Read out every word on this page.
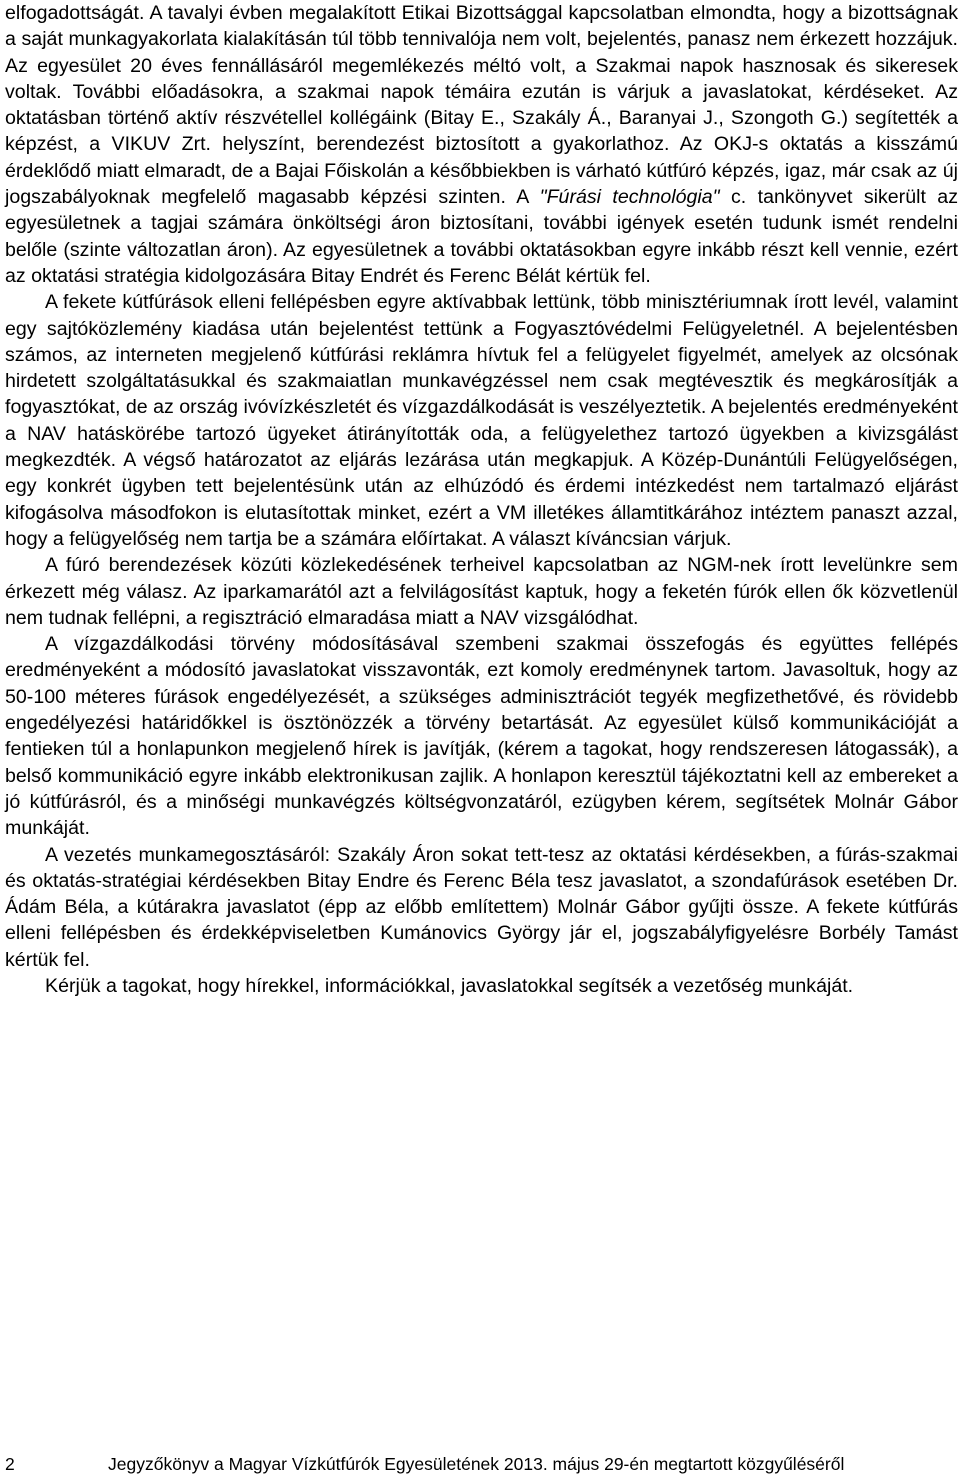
elfogadottságát. A tavalyi évben megalakított Etikai Bizottsággal kapcsolatban elmondta, hogy a bizottságnak a saját munkagyakorlata kialakításán túl több tennivalója nem volt, bejelentés, panasz nem érkezett hozzájuk. Az egyesület 20 éves fennállásáról megemlékezés méltó volt, a Szakmai napok hasznosak és sikeresek voltak. További előadásokra, a szakmai napok témáira ezután is várjuk a javaslatokat, kérdéseket. Az oktatásban történő aktív részvétellel kollégáink (Bitay E., Szakály Á., Baranyai J., Szongoth G.) segítették a képzést, a VIKUV Zrt. helyszínt, berendezést biztosított a gyakorlathoz. Az OKJ-s oktatás a kisszámú érdeklődő miatt elmaradt, de a Bajai Főiskolán a későbbiekben is várható kútfúró képzés, igaz, már csak az új jogszabályoknak megfelelő magasabb képzési szinten. A "Fúrási technológia" c. tankönyvet sikerült az egyesületnek a tagjai számára önköltségi áron biztosítani, további igények esetén tudunk ismét rendelni belőle (szinte változatlan áron). Az egyesületnek a további oktatásokban egyre inkább részt kell vennie, ezért az oktatási stratégia kidolgozására Bitay Endrét és Ferenc Bélát kértük fel.

A fekete kútfúrások elleni fellépésben egyre aktívabbak lettünk, több minisztériumnak írott levél, valamint egy sajtóközlemény kiadása után bejelentést tettünk a Fogyasztóvédelmi Felügyeletnél. A bejelentésben számos, az interneten megjelenő kútfúrási reklámra hívtuk fel a felügyelet figyelmét, amelyek az olcsónak hirdetett szolgáltatásukkal és szakmaiatlan munkavégzéssel nem csak megtévesztik és megkárosítják a fogyasztókat, de az ország ivóvízkészletét és vízgazdálkodását is veszélyeztetik. A bejelentés eredményeként a NAV hatáskörébe tartozó ügyeket átirányították oda, a felügyelethez tartozó ügyekben a kivizsgálást megkezdték. A végső határozatot az eljárás lezárása után megkapjuk. A Közép-Dunántúli Felügyelőségen, egy konkrét ügyben tett bejelentésünk után az elhúzódó és érdemi intézkedést nem tartalmazó eljárást kifogásolva másodfokon is elutasítottak minket, ezért a VM illetékes államtitkárához intéztem panaszt azzal, hogy a felügyelőség nem tartja be a számára előírtakat. A választ kíváncsian várjuk.

A fúró berendezések közúti közlekedésének terheivel kapcsolatban az NGM-nek írott levelünkre sem érkezett még válasz. Az iparkamarától azt a felvilágosítást kaptuk, hogy a feketén fúrók ellen ők közvetlenül nem tudnak fellépni, a regisztráció elmaradása miatt a NAV vizsgálódhat.

A vízgazdálkodási törvény módosításával szembeni szakmai összefogás és együttes fellépés eredményeként a módosító javaslatokat visszavonták, ezt komoly eredménynek tartom. Javasoltuk, hogy az 50-100 méteres fúrások engedélyezését, a szükséges adminisztrációt tegyék megfizethetővé, és rövidebb engedélyezési határidőkkel is ösztönözzék a törvény betartását. Az egyesület külső kommunikációját a fentieken túl a honlapunkon megjelenő hírek is javítják, (kérem a tagokat, hogy rendszeresen látogassák), a belső kommunikáció egyre inkább elektronikusan zajlik. A honlapon keresztül tájékoztatni kell az embereket a jó kútfúrásról, és a minőségi munkavégzés költségvonzatáról, ezügyben kérem, segítsétek Molnár Gábor munkáját.

A vezetés munkamegosztásáról: Szakály Áron sokat tett-tesz az oktatási kérdésekben, a fúrás-szakmai és oktatás-stratégiai kérdésekben Bitay Endre és Ferenc Béla tesz javaslatot, a szondafúrások esetében Dr. Ádám Béla, a kútárakra javaslatot (épp az előbb említettem) Molnár Gábor gyűjti össze. A fekete kútfúrás elleni fellépésben és érdekképviseletben Kumánovics György jár el, jogszabályfigyelésre Borbély Tamást kértük fel.

Kérjük a tagokat, hogy hírekkel, információkkal, javaslatokkal segítsék a vezetőség munkáját.

2	Jegyzőkönyv a Magyar Vízkútfúrók Egyesületének 2013. május 29-én megtartott közgyűléséről
